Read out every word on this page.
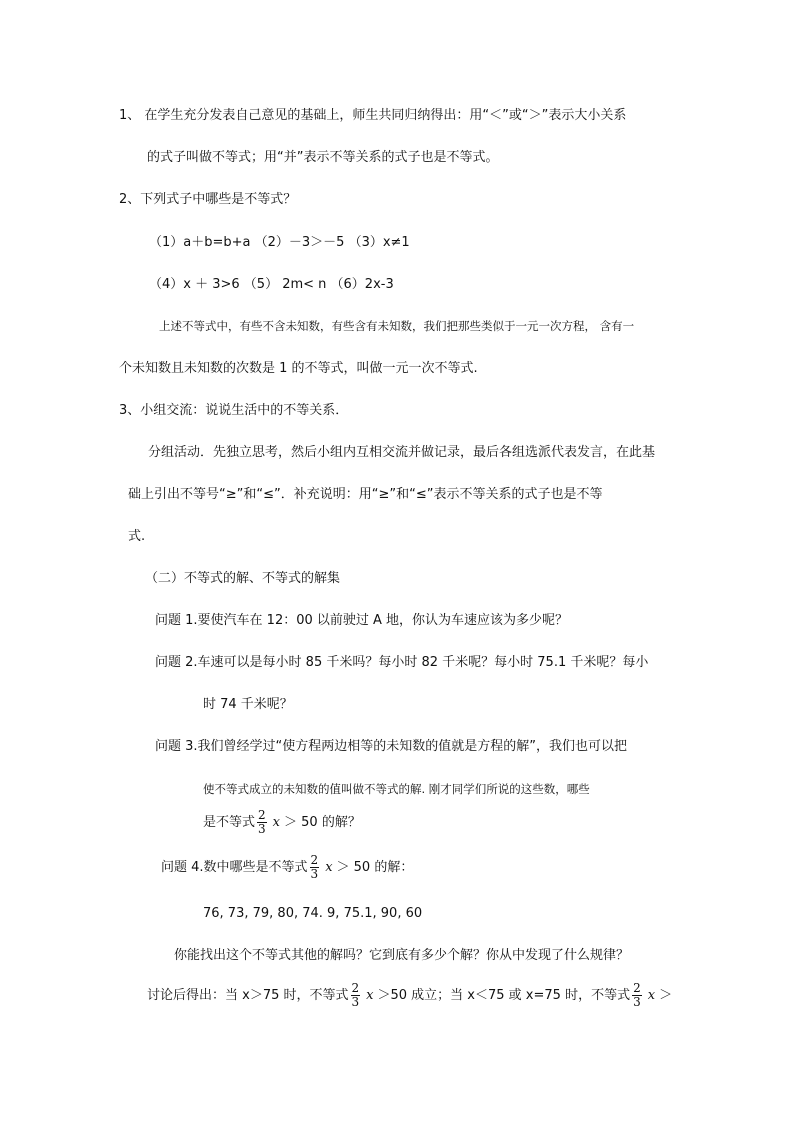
1、 在学生充分发表自己意见的基础上，师生共同归纳得出：用“＜”或“＞”表示大小关系
的式子叫做不等式；用“并”表示不等关系的式子也是不等式。
2、下列式子中哪些是不等式？
（1）a＋b=b+a （2）－3＞－5 （3）x≠1
（4）x ＋ 3>6 （5） 2m< n （6）2x-3
上述不等式中，有些不含未知数，有些含有未知数，我们把那些类似于一元一次方程， 含有一
个未知数且未知数的次数是 1 的不等式，叫做一元一次不等式.
3、小组交流：说说生活中的不等关系．
分组活动．先独立思考，然后小组内互相交流并做记录，最后各组选派代表发言，在此基
础上引出不等号“≥”和“≤”．补充说明：用“≥”和“≤”表示不等关系的式子也是不等
式.
（二）不等式的解、不等式的解集
问题 1.要使汽车在 12：00 以前驶过 A 地，你认为车速应该为多少呢？
问题 2.车速可以是每小时 85 千米吗？每小时 82 千米呢？每小时 75.1 千米呢？每小
时 74 千米呢？
问题 3.我们曾经学过“使方程两边相等的未知数的值就是方程的解”，我们也可以把
使不等式成立的未知数的值叫做不等式的解. 刚才同学们所说的这些数，哪些
是不等式 $\frac{2}{3}$ x ＞ 50 的解？
问题 4.数中哪些是不等式 $\frac{2}{3}$ x ＞ 50 的解：
76, 73, 79, 80, 74. 9, 75.1, 90, 60
你能找出这个不等式其他的解吗？它到底有多少个解？你从中发现了什么规律？
讨论后得出：当 x＞75 时，不等式 $\frac{2}{3}$ x ＞50 成立；当 x＜75 或 x=75 时，不等式 $\frac{2}{3}$ x ＞
